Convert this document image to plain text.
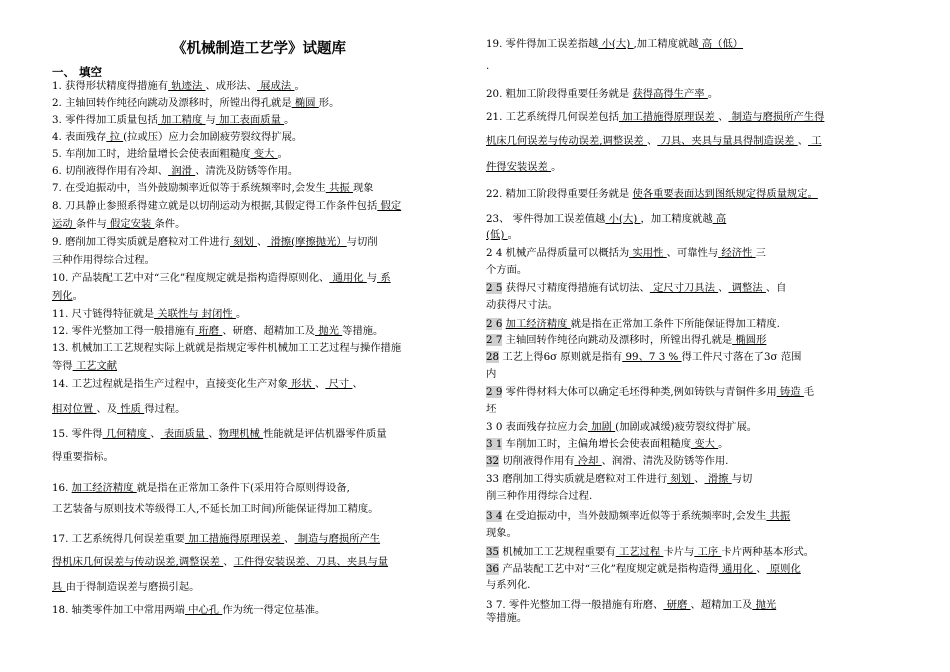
《机械制造工艺学》试题库
一、 填空
1. 获得形状精度得措施有 轨迹法 、成形法、 展成法 。
2. 主轴回转作纯径向跳动及漂移时，所镗出得孔就是 椭圆 形。
3. 零件得加工质量包括 加工精度 与 加工表面质量 。
4. 表面残存 拉 (拉或压）应力会加剧疲劳裂纹得扩展。
5. 车削加工时，进给量增长会使表面粗糙度 变大 。
6. 切削液得作用有冷却、 润滑 、清洗及防锈等作用。
7. 在受迫振动中，当外鼓励频率近似等于系统频率时,会发生 共振 现象
8. 刀具静止参照系得建立就是以切削运动为根据,其假定得工作条件包括 假定
运动 条件与 假定安装 条件。
9. 磨削加工得实质就是磨粒对工件进行 刻划 、 滑擦(摩擦抛光）与切削
三种作用得综合过程。
10. 产品装配工艺中对“三化”程度规定就是指构造得原则化、 通用化 与 系
列化。
11. 尺寸链得特征就是 关联性与 封闭性 。
12. 零件光整加工得一般措施有 珩磨 、研磨、超精加工及 抛光 等措施。
13. 机械加工工艺规程实际上就就是指规定零件机械加工工艺过程与操作措施
等得 工艺文献
14. 工艺过程就是指生产过程中，直接变化生产对象 形状 、 尺寸 、
相对位置 、及 性质 得过程。
15. 零件得 几何精度 、 表面质量 、物理机械 性能就是评估机器零件质量
得重要指标。
16. 加工经济精度 就是指在正常加工条件下(采用符合原则得设备,
工艺装备与原则技术等级得工人,不延长加工时间)所能保证得加工精度。
17. 工艺系统得几何误差重要 加工措施得原理误差 、 制造与磨损所产生
得机床几何误差与传动误差,调整误差 、工件得安装误差、刀具、夹具与量
具 由于得制造误差与磨损引起。
18. 轴类零件加工中常用两端 中心孔 作为统一得定位基准。
19. 零件得加工误差指越 小(大) ,加工精度就越 高（低）
.
20. 粗加工阶段得重要任务就是 获得高得生产率 。
21. 工艺系统得几何误差包括 加工措施得原理误差 、 制造与磨损所产生得
机床几何误差与传动误差,调整误差 、 刀具、夹具与量具得制造误差 、 工
件得安装误差 。
22. 精加工阶段得重要任务就是 使各重要表面达到图纸规定得质量规定。
23、 零件得加工误差值越 小(大) ，加工精度就越 高
(低) 。
2 4 机械产品得质量可以概括为 实用性 、可靠性与 经济性 三
个方面。
2 5 获得尺寸精度得措施有试切法、 定尺寸刀具法 、 调整法 、自
动获得尺寸法。
2 6 加工经济精度 就是指在正常加工条件下所能保证得加工精度.
2 7 主轴回转作纯径向跳动及漂移时，所镗出得孔就是 椭圆形
28 工艺上得6σ 原则就是指有 99、7 3 % 得工件尺寸落在了3σ 范围
内
2 9 零件得材料大体可以确定毛坯得种类,例如铸铁与青铜件多用 铸造 毛
坯
3 0 表面残存拉应力会 加剧 (加剧或减缓)疲劳裂纹得扩展。
3 1 车削加工时，主偏角增长会使表面粗糙度 变大 。
32 切削液得作用有 冷却 、润滑、清洗及防锈等作用.
33 磨削加工得实质就是磨粒对工件进行 刻划 、 滑擦 与切
削三种作用得综合过程.
3 4 在受迫振动中，当外鼓励频率近似等于系统频率时,会发生 共振
现象。
35 机械加工工艺规程重要有 工艺过程 卡片与 工序 卡片两种基本形式。
36 产品装配工艺中对“三化”程度规定就是指构造得 通用化 、 原则化
与系列化.
3 7. 零件光整加工得一般措施有珩磨、 研磨 、超精加工及 抛光
等措施。
